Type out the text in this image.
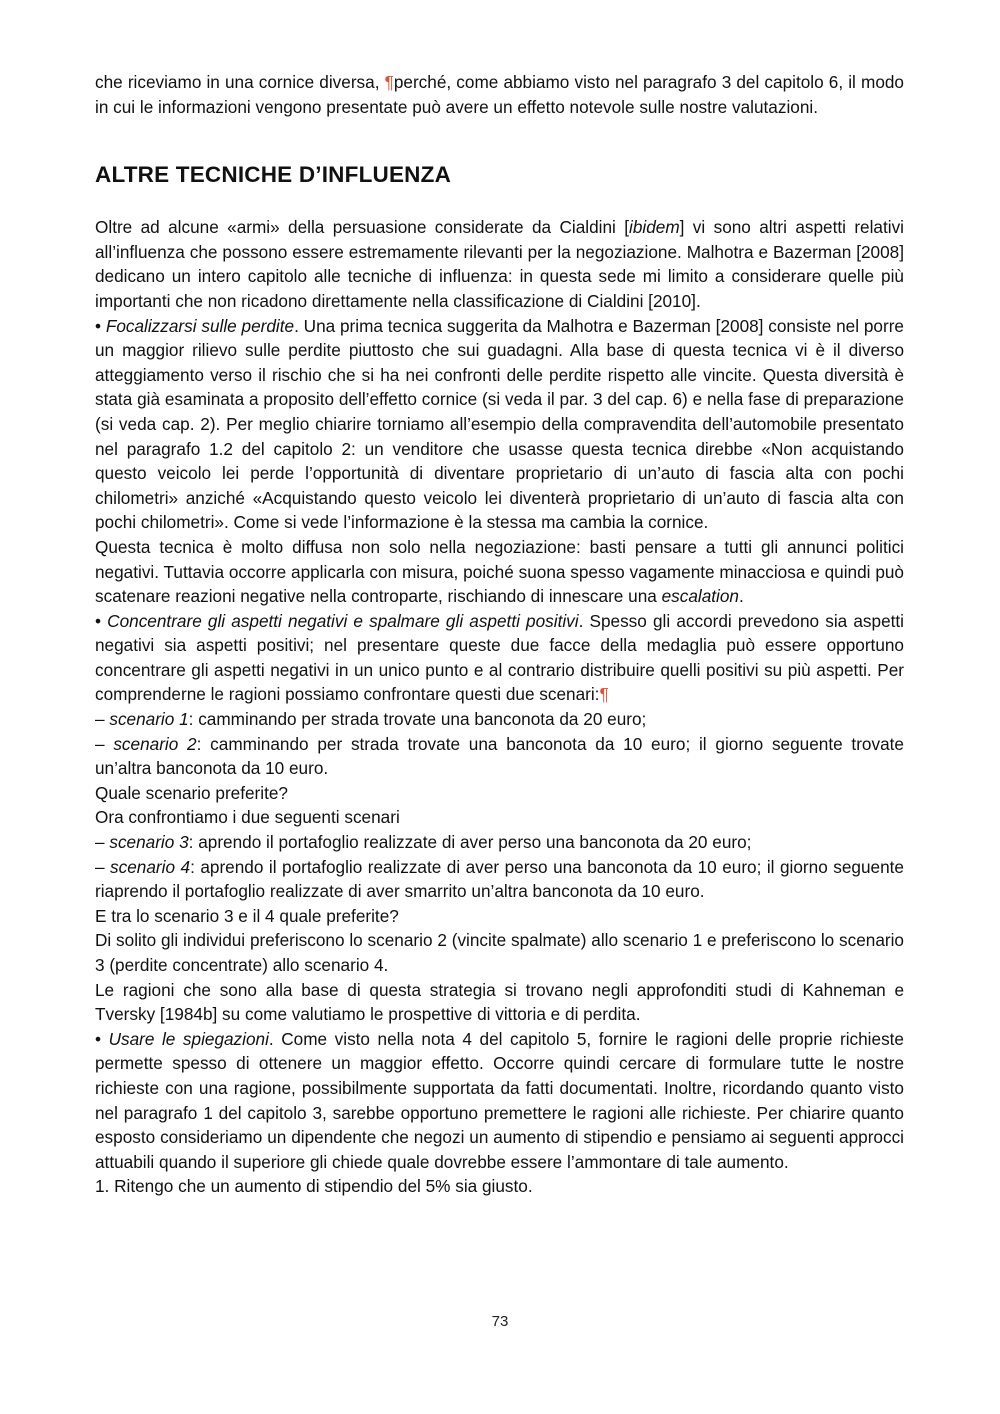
che riceviamo in una cornice diversa, ¶perché, come abbiamo visto nel paragrafo 3 del capitolo 6, il modo in cui le informazioni vengono presentate può avere un effetto notevole sulle nostre valutazioni.

ALTRE TECNICHE D’INFLUENZA

Oltre ad alcune «armi» della persuasione considerate da Cialdini [ibidem] vi sono altri aspetti relativi all’influenza che possono essere estremamente rilevanti per la negoziazione. Malhotra e Bazerman [2008] dedicano un intero capitolo alle tecniche di influenza: in questa sede mi limito a considerare quelle più importanti che non ricadono direttamente nella classificazione di Cialdini [2010].

• Focalizzarsi sulle perdite. Una prima tecnica suggerita da Malhotra e Bazerman [2008] consiste nel porre un maggior rilievo sulle perdite piuttosto che sui guadagni. Alla base di questa tecnica vi è il diverso atteggiamento verso il rischio che si ha nei confronti delle perdite rispetto alle vincite. Questa diversità è stata già esaminata a proposito dell’effetto cornice (si veda il par. 3 del cap. 6) e nella fase di preparazione (si veda cap. 2). Per meglio chiarire torniamo all’esempio della compravendita dell’automobile presentato nel paragrafo 1.2 del capitolo 2: un venditore che usasse questa tecnica direbbe «Non acquistando questo veicolo lei perde l’opportunità di diventare proprietario di un’auto di fascia alta con pochi chilometri» anziché «Acquistando questo veicolo lei diventerà proprietario di un’auto di fascia alta con pochi chilometri». Come si vede l’informazione è la stessa ma cambia la cornice.

Questa tecnica è molto diffusa non solo nella negoziazione: basti pensare a tutti gli annunci politici negativi. Tuttavia occorre applicarla con misura, poiché suona spesso vagamente minacciosa e quindi può scatenare reazioni negative nella controparte, rischiando di innescare una escalation.

• Concentrare gli aspetti negativi e spalmare gli aspetti positivi. Spesso gli accordi prevedono sia aspetti negativi sia aspetti positivi; nel presentare queste due facce della medaglia può essere opportuno concentrare gli aspetti negativi in un unico punto e al contrario distribuire quelli positivi su più aspetti. Per comprenderne le ragioni possiamo confrontare questi due scenari:¶

– scenario 1: camminando per strada trovate una banconota da 20 euro;

– scenario 2: camminando per strada trovate una banconota da 10 euro; il giorno seguente trovate un’altra banconota da 10 euro.

Quale scenario preferite?

Ora confrontiamo i due seguenti scenari

– scenario 3: aprendo il portafoglio realizzate di aver perso una banconota da 20 euro;

– scenario 4: aprendo il portafoglio realizzate di aver perso una banconota da 10 euro; il giorno seguente riaprendo il portafoglio realizzate di aver smarrito un’altra banconota da 10 euro.

E tra lo scenario 3 e il 4 quale preferite?

Di solito gli individui preferiscono lo scenario 2 (vincite spalmate) allo scenario 1 e preferiscono lo scenario 3 (perdite concentrate) allo scenario 4.

Le ragioni che sono alla base di questa strategia si trovano negli approfonditi studi di Kahneman e Tversky [1984b] su come valutiamo le prospettive di vittoria e di perdita.

• Usare le spiegazioni. Come visto nella nota 4 del capitolo 5, fornire le ragioni delle proprie richieste permette spesso di ottenere un maggior effetto. Occorre quindi cercare di formulare tutte le nostre richieste con una ragione, possibilmente supportata da fatti documentati. Inoltre, ricordando quanto visto nel paragrafo 1 del capitolo 3, sarebbe opportuno premettere le ragioni alle richieste. Per chiarire quanto esposto consideriamo un dipendente che negozi un aumento di stipendio e pensiamo ai seguenti approcci attuabili quando il superiore gli chiede quale dovrebbe essere l’ammontare di tale aumento.

1. Ritengo che un aumento di stipendio del 5% sia giusto.

73
